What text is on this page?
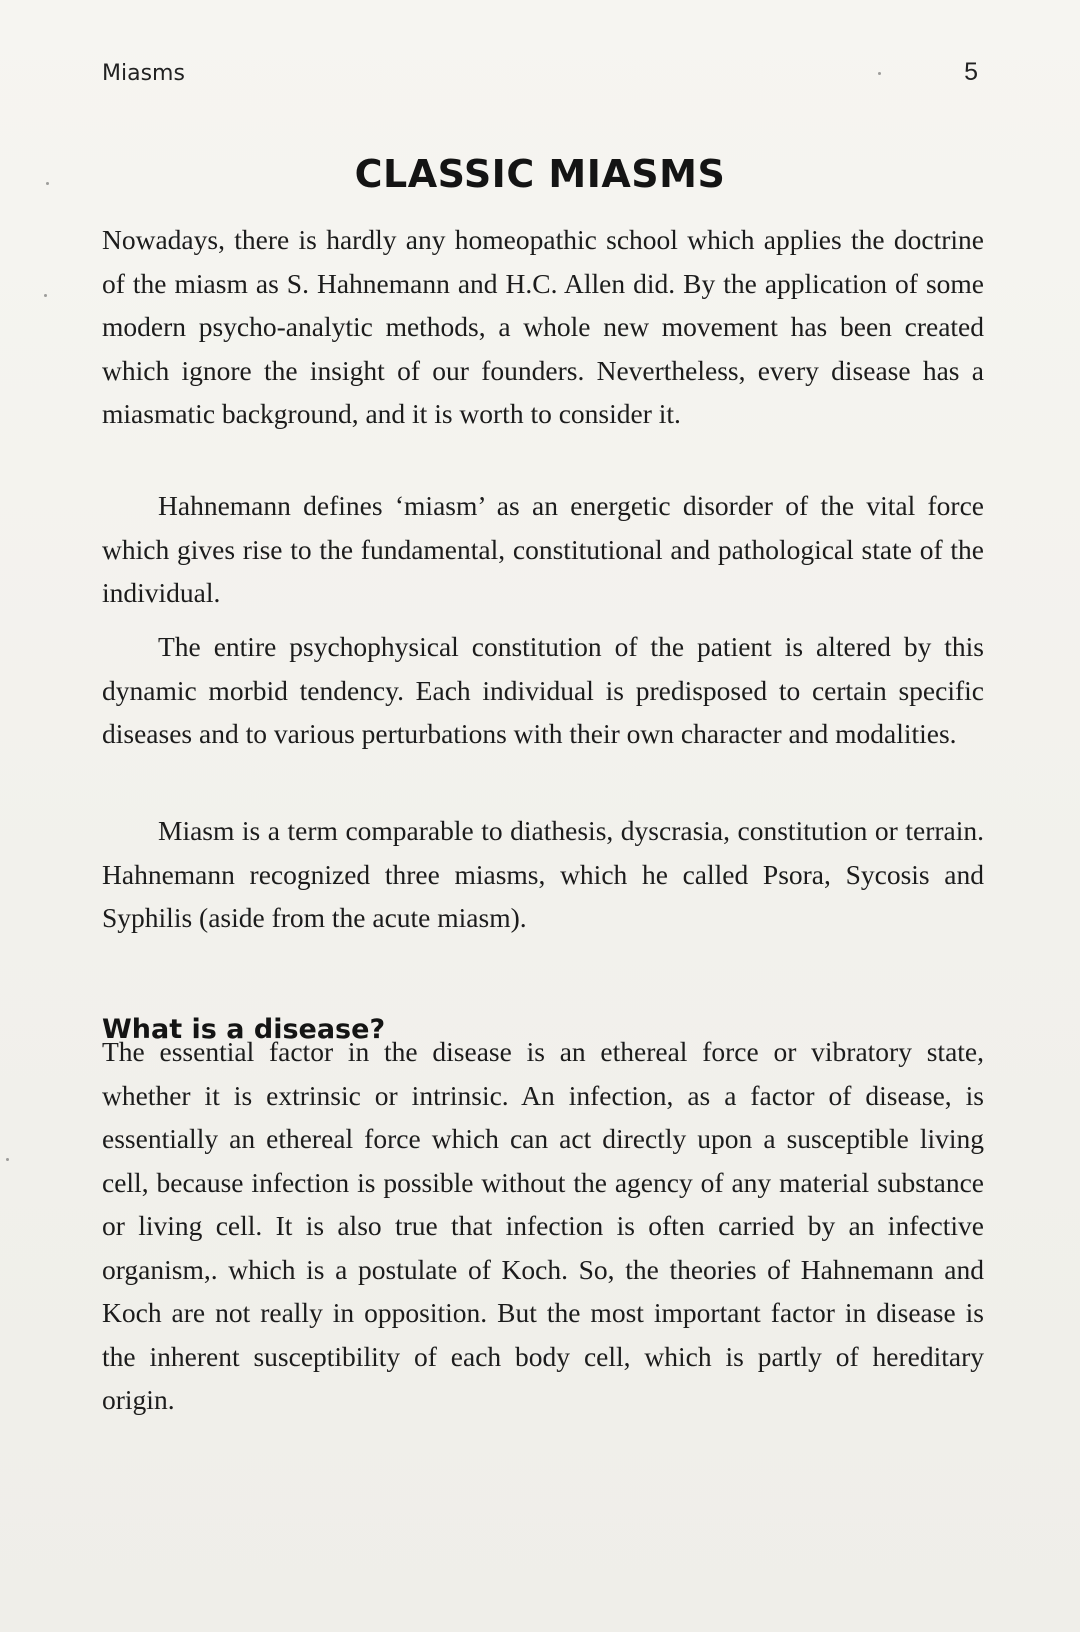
Miasms	5
CLASSIC MIASMS

Nowadays, there is hardly any homeopathic school which applies the doctrine of the miasm as S. Hahnemann and H.C. Allen did. By the application of some modern psycho-analytic methods, a whole new movement has been created which ignore the insight of our founders. Nevertheless, every disease has a miasmatic background, and it is worth to consider it.

Hahnemann defines ‘miasm’ as an energetic disorder of the vital force which gives rise to the fundamental, constitutional and pathological state of the individual.

The entire psychophysical constitution of the patient is altered by this dynamic morbid tendency. Each individual is predisposed to certain specific diseases and to various perturbations with their own character and modalities.

Miasm is a term comparable to diathesis, dyscrasia, constitution or terrain. Hahnemann recognized three miasms, which he called Psora, Sycosis and Syphilis (aside from the acute miasm).

What is a disease?

The essential factor in the disease is an ethereal force or vibratory state, whether it is extrinsic or intrinsic. An infection, as a factor of disease, is essentially an ethereal force which can act directly upon a susceptible living cell, because infection is possible without the agency of any material substance or living cell. It is also true that infection is often carried by an infective organism,. which is a postulate of Koch. So, the theories of Hahnemann and Koch are not really in opposition. But the most important factor in disease is the inherent susceptibility of each body cell, which is partly of hereditary origin.
